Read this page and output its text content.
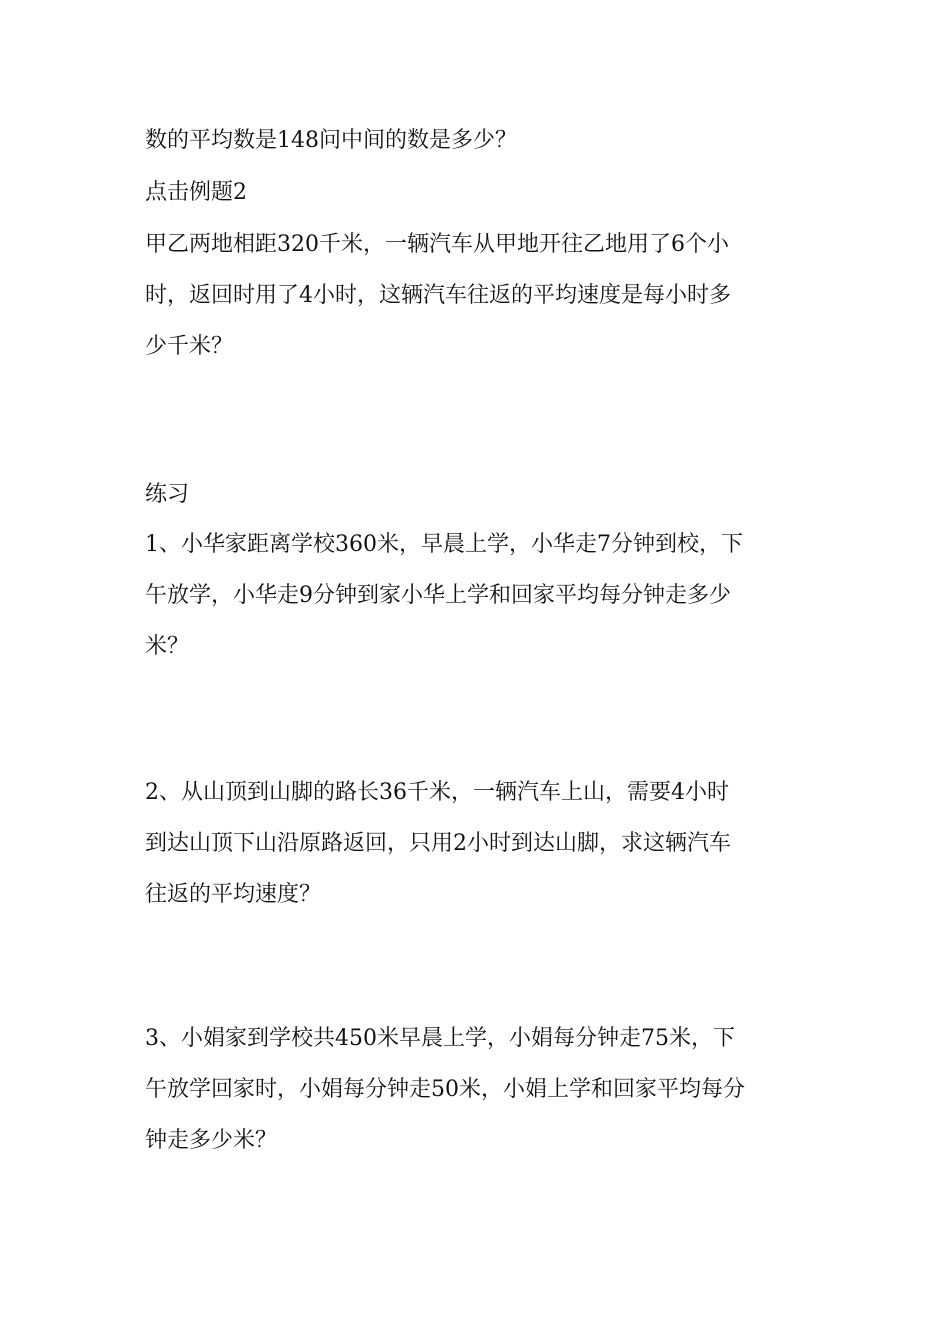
数的平均数是148问中间的数是多少？
点击例题2
甲乙两地相距320千米，一辆汽车从甲地开往乙地用了6个小
时，返回时用了4小时，这辆汽车往返的平均速度是每小时多
少千米？
练习
1、小华家距离学校360米，早晨上学，小华走7分钟到校，下
午放学，小华走9分钟到家小华上学和回家平均每分钟走多少
米？
2、从山顶到山脚的路长36千米，一辆汽车上山，需要4小时
到达山顶下山沿原路返回，只用2小时到达山脚，求这辆汽车
往返的平均速度？
3、小娟家到学校共450米早晨上学，小娟每分钟走75米，下
午放学回家时，小娟每分钟走50米，小娟上学和回家平均每分
钟走多少米？
